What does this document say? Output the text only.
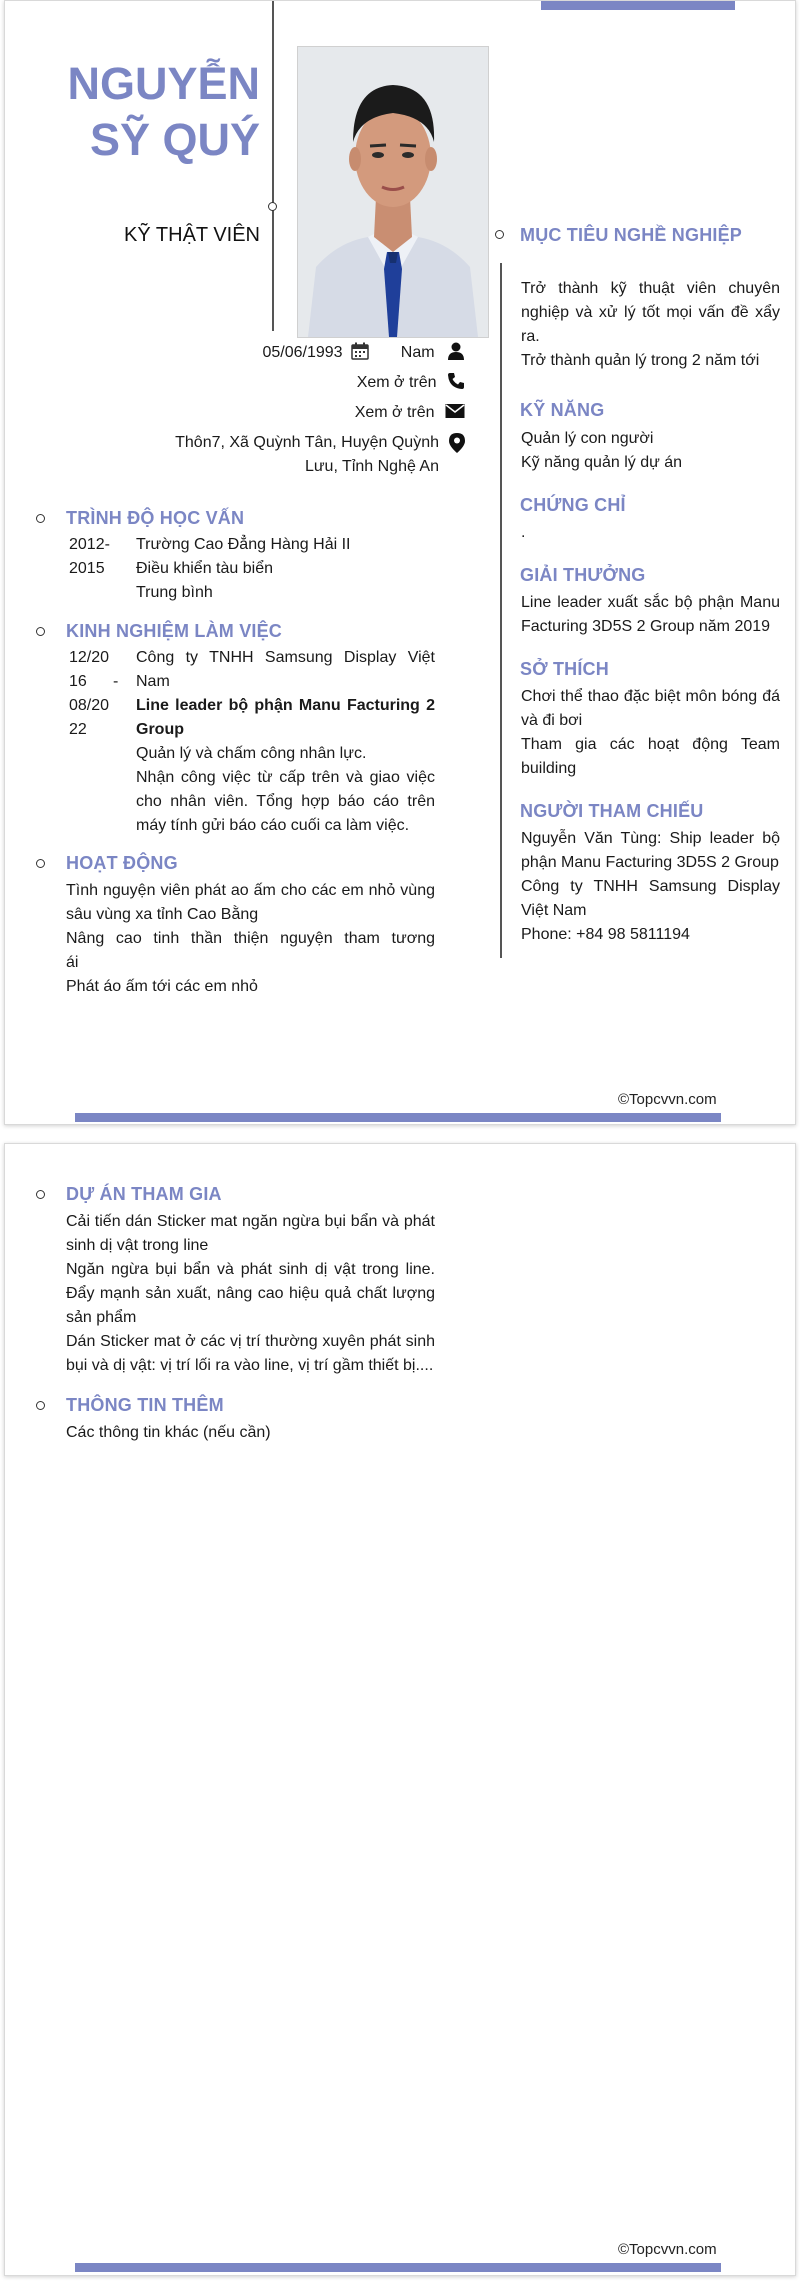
NGUYỄN
SỸ QUÝ
KỸ THẬT VIÊN
05/06/1993	Nam
Xem ở trên
Xem ở trên
Thôn7, Xã Quỳnh Tân, Huyện Quỳnh
Lưu, Tỉnh Nghệ An
TRÌNH ĐỘ HỌC VẤN
2012-
2015
Trường Cao Đẳng Hàng Hải II
Điều khiển tàu biển
Trung bình
KINH NGHIỆM LÀM VIỆC
12/20
16 -
08/20
22
Công ty TNHH Samsung Display Việt
Nam
Line leader bộ phận Manu Facturing 2
Group
Quản lý và chấm công nhân lực.
Nhận công việc từ cấp trên và giao việc
cho nhân viên. Tổng hợp báo cáo trên
máy tính gửi báo cáo cuối ca làm việc.
HOẠT ĐỘNG
Tình nguyện viên phát ao ấm cho các em nhỏ vùng
sâu vùng xa tỉnh Cao Bằng
Nâng cao tinh thần thiện nguyện tham tương
ái
Phát áo ấm tới các em nhỏ
MỤC TIÊU NGHỀ NGHIỆP
Trở thành kỹ thuật viên chuyên
nghiệp và xử lý tốt mọi vấn đề xẩy
ra.
Trở thành quản lý trong 2 năm tới
KỸ NĂNG
Quản lý con người
Kỹ năng quản lý dự án
CHỨNG CHỈ
.
GIẢI THƯỞNG
Line leader xuất sắc bộ phận Manu
Facturing 3D5S 2 Group năm 2019
SỞ THÍCH
Chơi thể thao đặc biệt môn bóng đá
và đi bơi
Tham gia các hoạt động Team
building
NGƯỜI THAM CHIẾU
Nguyễn Văn Tùng: Ship leader bộ
phận Manu Facturing 3D5S 2 Group
Công ty TNHH Samsung Display
Việt Nam
Phone: +84 98 5811194
©Topcvvn.com
DỰ ÁN THAM GIA
Cải tiến dán Sticker mat ngăn ngừa bụi bẩn và phát
sinh dị vật trong line
Ngăn ngừa bụi bẩn và phát sinh dị vật trong line.
Đẩy mạnh sản xuất, nâng cao hiệu quả chất lượng
sản phẩm
Dán Sticker mat ở các vị trí thường xuyên phát sinh
bụi và dị vật: vị trí lối ra vào line, vị trí gầm thiết bị....
THÔNG TIN THÊM
Các thông tin khác (nếu cần)
©Topcvvn.com
